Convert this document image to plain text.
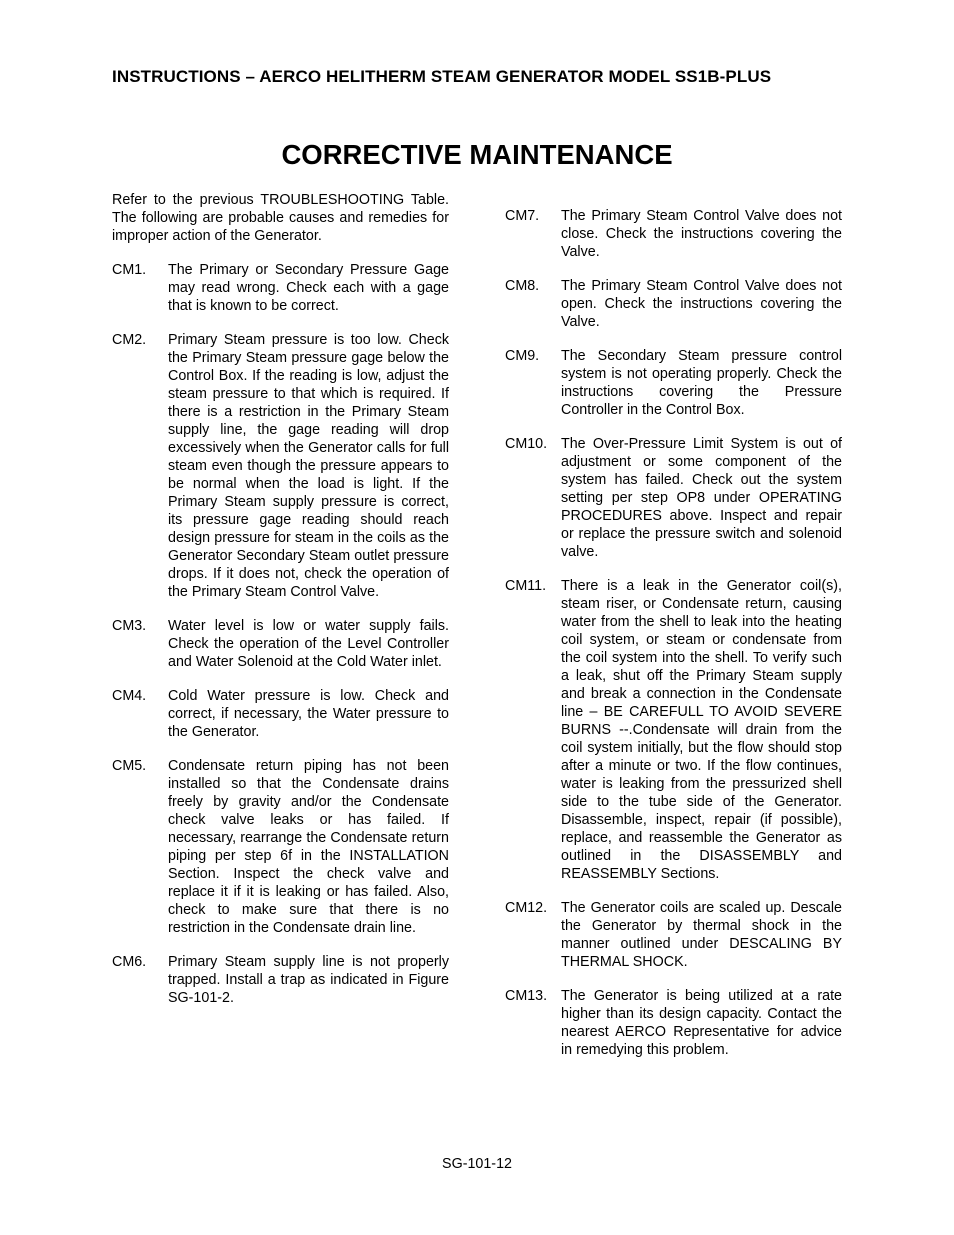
INSTRUCTIONS – AERCO HELITHERM STEAM GENERATOR MODEL SS1B-PLUS
CORRECTIVE MAINTENANCE

Refer to the previous TROUBLESHOOTING Table. The following are probable causes and remedies for improper action of the Generator.

CM1.	The Primary or Secondary Pressure Gage may read wrong. Check each with a gage that is known to be correct.
CM2.	Primary Steam pressure is too low. Check the Primary Steam pressure gage below the Control Box. If the reading is low, adjust the steam pressure to that which is required. If there is a restriction in the Primary Steam supply line, the gage reading will drop excessively when the Generator calls for full steam even though the pressure appears to be normal when the load is light. If the Primary Steam supply pressure is correct, its pressure gage reading should reach design pressure for steam in the coils as the Generator Secondary Steam outlet pressure drops. If it does not, check the operation of the Primary Steam Control Valve.
CM3.	Water level is low or water supply fails. Check the operation of the Level Controller and Water Solenoid at the Cold Water inlet.
CM4.	Cold Water pressure is low. Check and correct, if necessary, the Water pressure to the Generator.
CM5.	Condensate return piping has not been installed so that the Condensate drains freely by gravity and/or the Condensate check valve leaks or has failed. If necessary, rearrange the Condensate return piping per step 6f in the INSTALLATION Section. Inspect the check valve and replace it if it is leaking or has failed. Also, check to make sure that there is no restriction in the Condensate drain line.
CM6.	Primary Steam supply line is not properly trapped. Install a trap as indicated in Figure SG-101-2.
CM7.	The Primary Steam Control Valve does not close. Check the instructions covering the Valve.
CM8.	The Primary Steam Control Valve does not open. Check the instructions covering the Valve.
CM9.	The Secondary Steam pressure control system is not operating properly. Check the instructions covering the Pressure Controller in the Control Box.
CM10. The Over-Pressure Limit System is out of adjustment or some component of the system has failed. Check out the system setting per step OP8 under OPERATING PROCEDURES above. Inspect and repair or replace the pressure switch and solenoid valve.
CM11.	There is a leak in the Generator coil(s), steam riser, or Condensate return, causing water from the shell to leak into the heating coil system, or steam or condensate from the coil system into the shell. To verify such a leak, shut off the Primary Steam supply and break a connection in the Condensate line – BE CAREFULL TO AVOID SEVERE BURNS --.Condensate will drain from the coil system initially, but the flow should stop after a minute or two. If the flow continues, water is leaking from the pressurized shell side to the tube side of the Generator. Disassemble, inspect, repair (if possible), replace, and reassemble the Generator as outlined in the DISASSEMBLY and REASSEMBLY Sections.
CM12. The Generator coils are scaled up. Descale the Generator by thermal shock in the manner outlined under DESCALING BY THERMAL SHOCK.
CM13. The Generator is being utilized at a rate higher than its design capacity. Contact the nearest AERCO Representative for advice in remedying this problem.
SG-101-12
